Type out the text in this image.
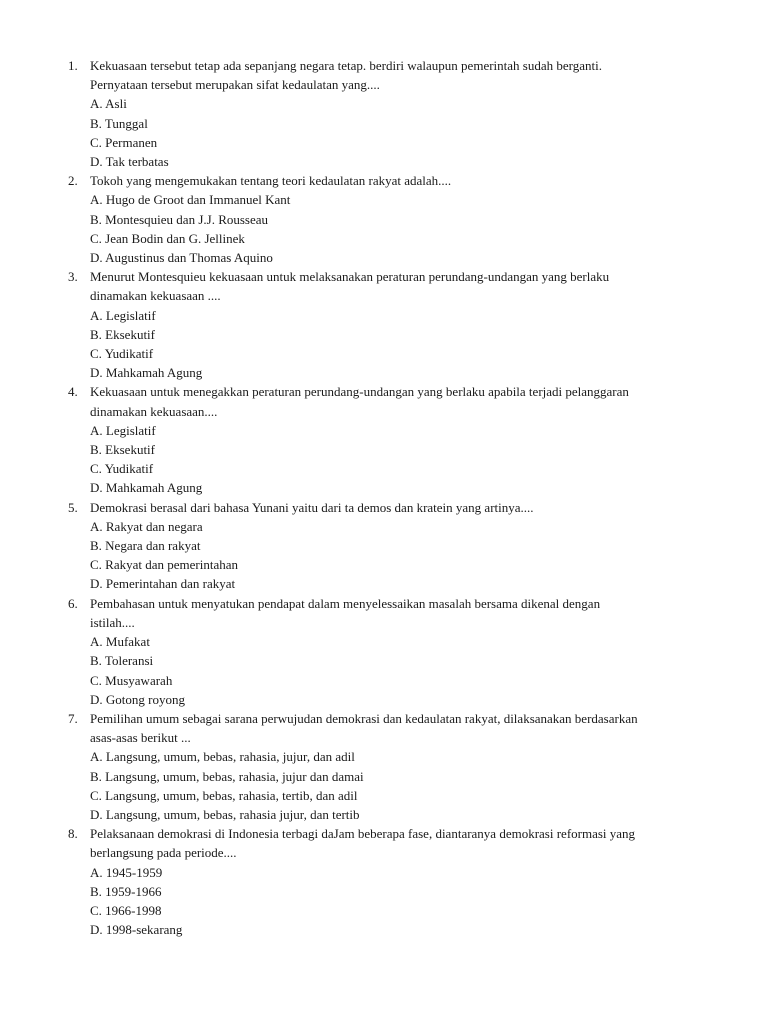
1. Kekuasaan tersebut tetap ada sepanjang negara tetap. berdiri walaupun pemerintah sudah berganti.
Pernyataan tersebut merupakan sifat kedaulatan yang....
A. Asli
B. Tunggal
C. Permanen
D. Tak terbatas
2. Tokoh yang mengemukakan tentang teori kedaulatan rakyat adalah....
A. Hugo de Groot dan Immanuel Kant
B. Montesquieu dan J.J. Rousseau
C. Jean Bodin dan G. Jellinek
D. Augustinus dan Thomas Aquino
3. Menurut Montesquieu kekuasaan untuk melaksanakan peraturan perundang-undangan yang berlaku
dinamakan kekuasaan ....
A. Legislatif
B. Eksekutif
C. Yudikatif
D. Mahkamah Agung
4. Kekuasaan untuk menegakkan peraturan perundang-undangan yang berlaku apabila terjadi pelanggaran
dinamakan kekuasaan....
A. Legislatif
B. Eksekutif
C. Yudikatif
D. Mahkamah Agung
5. Demokrasi berasal dari bahasa Yunani yaitu dari ta demos dan kratein yang artinya....
A. Rakyat dan negara
B. Negara dan rakyat
C. Rakyat dan pemerintahan
D. Pemerintahan dan rakyat
6. Pembahasan untuk menyatukan pendapat dalam menyelessaikan masalah bersama dikenal dengan
istilah....
A. Mufakat
B. Toleransi
C. Musyawarah
D. Gotong royong
7. Pemilihan umum sebagai sarana perwujudan demokrasi dan kedaulatan rakyat, dilaksanakan berdasarkan
asas-asas berikut ...
A. Langsung, umum, bebas, rahasia, jujur, dan adil
B. Langsung, umum, bebas, rahasia, jujur dan damai
C. Langsung, umum, bebas, rahasia, tertib, dan adil
D. Langsung, umum, bebas, rahasia jujur, dan tertib
8. Pelaksanaan demokrasi di Indonesia terbagi daJam beberapa fase, diantaranya demokrasi reformasi yang
berlangsung pada periode....
A. 1945-1959
B. 1959-1966
C. 1966-1998
D. 1998-sekarang
